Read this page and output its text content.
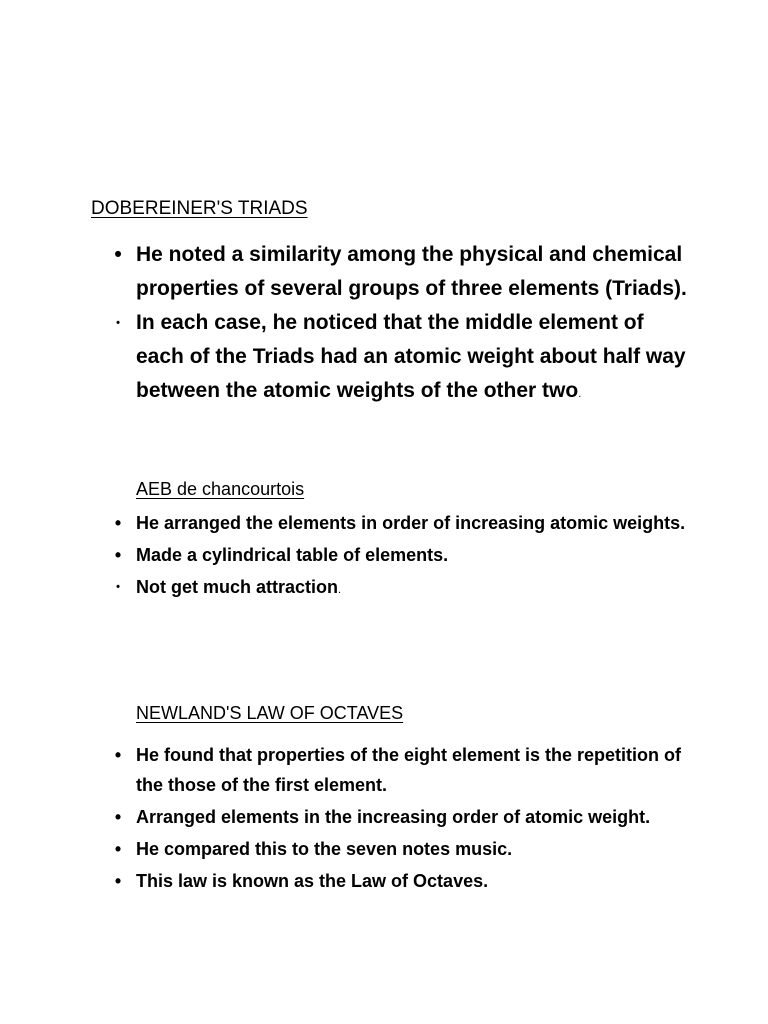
DOBEREINER'S TRIADS
• He noted a similarity among the physical and chemical properties of several groups of three elements (Triads).
• In each case, he noticed that the middle element of each of the Triads had an atomic weight about half way between the atomic weights of the other two.
AEB de chancourtois
• He arranged the elements in order of increasing atomic weights.
• Made a cylindrical table of elements.
• Not get much attraction.
NEWLAND'S LAW OF OCTAVES
• He found that properties of the eight element is the repetition of the those of the first element.
• Arranged elements in the increasing order of atomic weight.
• He compared this to the seven notes music.
• This law is known as the Law of Octaves.
